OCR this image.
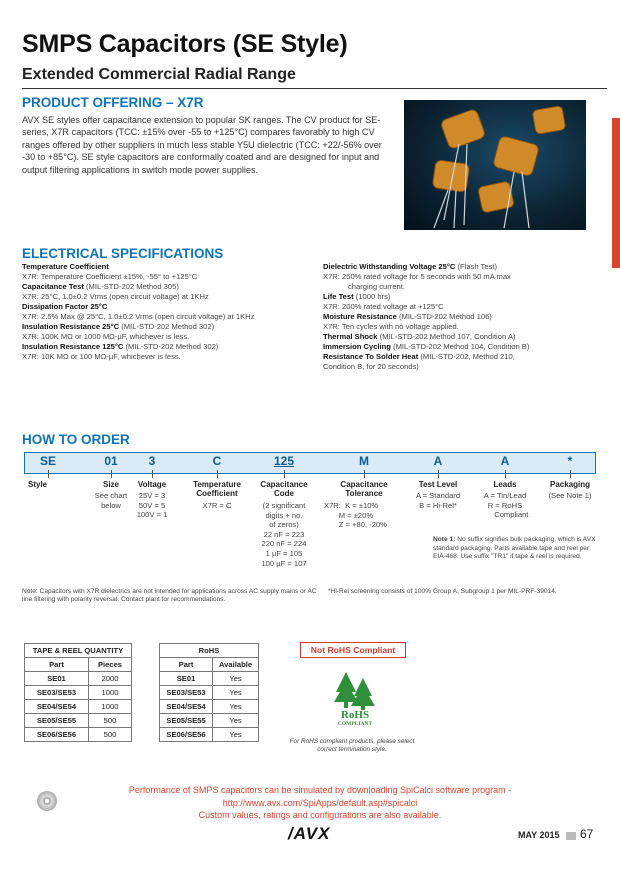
SMPS Capacitors (SE Style)
Extended Commercial Radial Range
PRODUCT OFFERING – X7R
AVX SE styles offer capacitance extension to popular SK ranges. The CV product for SE-series, X7R capacitors (TCC: ±15% over -55 to +125°C) compares favorably to high CV ranges offered by other suppliers in much less stable Y5U dielectric (TCC: +22/-56% over -30 to +85°C). SE style capacitors are conformally coated and are designed for input and output filtering applications in switch mode power supplies.
ELECTRICAL SPECIFICATIONS
Temperature Coefficient
X7R: Temperature Coefficient ±15%, -55° to +125°C
Capacitance Test (MIL-STD-202 Method 305)
X7R: 25°C, 1.0±0.2 Vrms (open circuit voltage) at 1KHz
Dissipation Factor 25°C
X7R: 2.5% Max @ 25°C, 1.0±0.2 Vrms (open circuit voltage) at 1KHz
Insulation Resistance 25°C (MIL-STD-202 Method 302)
X7R: 100K MΩ or 1000 MΩ-µF, whichever is less.
Insulation Resistance 125°C (MIL-STD-202 Method 302)
X7R: 10K MΩ or 100 MΩ-µF, whichever is less.
Dielectric Withstanding Voltage 25°C (Flash Test)
X7R: 250% rated voltage for 5 seconds with 50 mA max
charging current.
Life Test (1000 hrs)
X7R: 200% rated voltage at +125°C
Moisture Resistance (MIL-STD-202 Method 106)
X7R: Ten cycles with no voltage applied.
Thermal Shock (MIL-STD-202 Method 107, Condition A)
Immersion Cycling (MIL-STD-202 Method 104, Condition B)
Resistance To Solder Heat (MIL-STD-202, Method 210,
Condition B, for 20 seconds)
HOW TO ORDER
SE
Style
01
Size
See chart
below
3
Voltage
25V = 3
50V = 5
100V = 1
C
Temperature Coefficient
X7R = C
125
Capacitance Code
(2 significant
digits + no.
of zeros)
22 nF = 223
220 nF = 224
1 µF = 105
100 µF = 107
M
Capacitance Tolerance
X7R:  K = ±10%
M = ±20%
Z = +80, -20%
A
Test Level
A = Standard
B = Hi-Rel*
A
Leads
A = Tin/Lead
R = RoHS
Compliant
*
Packaging
(See Note 1)
Note 1: No suffix signifies bulk packaging, which is AVX standard packaging. Parts available tape and reel per EIA-468. Use suffix "TR1" if tape & reel is required.
Note: Capacitors with X7R dielectrics are not intended for applications across AC supply mains or AC line filtering with polarity reversal. Contact plant for recommendations.
*Hi-Rel screening consists of 100% Group A, Subgroup 1 per MIL-PRF-39014.
TAPE & REEL QUANTITY	
Part	Pieces
SE01	2000
SE03/SE53	1000
SE04/SE54	1000
SE05/SE55	500
SE06/SE56	500
RoHS	
Part	Available
SE01	Yes
SE03/SE53	Yes
SE04/SE54	Yes
SE05/SE55	Yes
SE06/SE56	Yes
Not RoHS Compliant
RoHS
COMPLIANT
For RoHS compliant products, please select correct termination style.
Performance of SMPS capacitors can be simulated by downloading SpiCalci software program -
http://www.avx.com/SpiApps/default.asp#spicalci
Custom values, ratings and configurations are also available.
/AVX	MAY 2015 67
